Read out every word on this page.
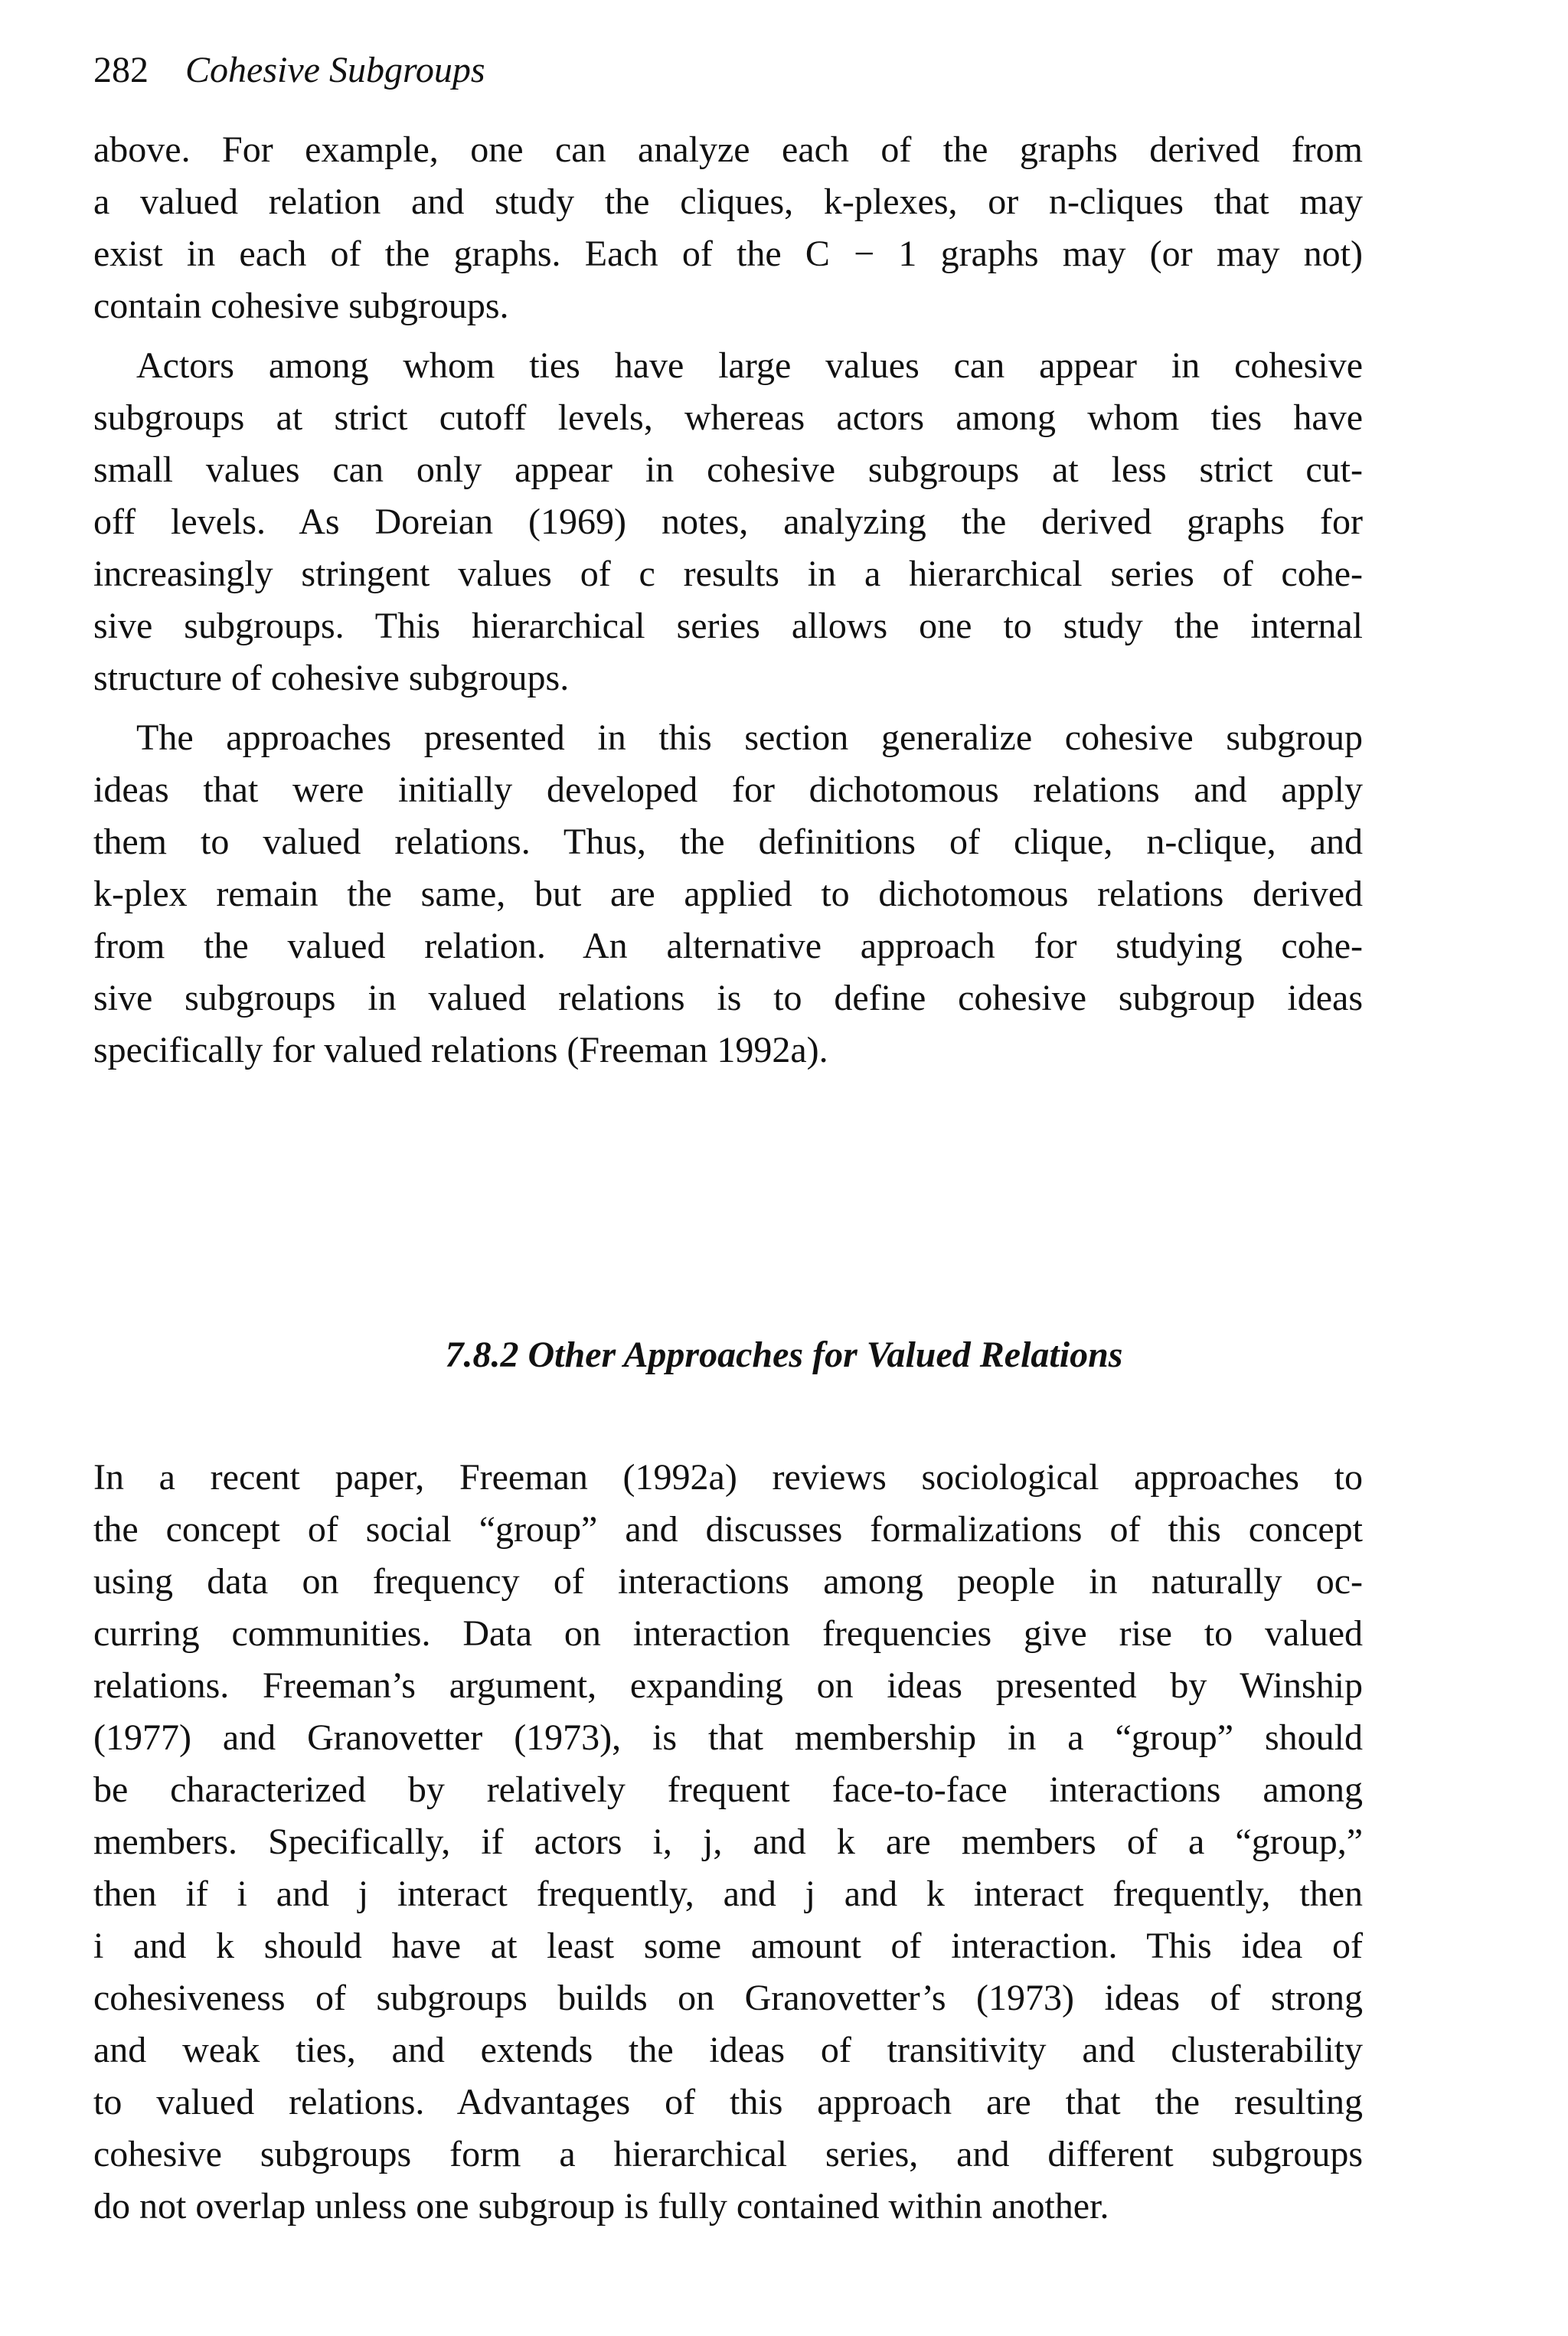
282 Cohesive Subgroups
above. For example, one can analyze each of the graphs derived from
a valued relation and study the cliques, k-plexes, or n-cliques that may
exist in each of the graphs. Each of the C − 1 graphs may (or may not)
contain cohesive subgroups.
Actors among whom ties have large values can appear in cohesive
subgroups at strict cutoff levels, whereas actors among whom ties have
small values can only appear in cohesive subgroups at less strict cut-
off levels. As Doreian (1969) notes, analyzing the derived graphs for
increasingly stringent values of c results in a hierarchical series of cohe-
sive subgroups. This hierarchical series allows one to study the internal
structure of cohesive subgroups.
The approaches presented in this section generalize cohesive subgroup
ideas that were initially developed for dichotomous relations and apply
them to valued relations. Thus, the definitions of clique, n-clique, and
k-plex remain the same, but are applied to dichotomous relations derived
from the valued relation. An alternative approach for studying cohe-
sive subgroups in valued relations is to define cohesive subgroup ideas
specifically for valued relations (Freeman 1992a).
7.8.2 Other Approaches for Valued Relations
In a recent paper, Freeman (1992a) reviews sociological approaches to
the concept of social “group” and discusses formalizations of this concept
using data on frequency of interactions among people in naturally oc-
curring communities. Data on interaction frequencies give rise to valued
relations. Freeman’s argument, expanding on ideas presented by Winship
(1977) and Granovetter (1973), is that membership in a “group” should
be characterized by relatively frequent face-to-face interactions among
members. Specifically, if actors i, j, and k are members of a “group,”
then if i and j interact frequently, and j and k interact frequently, then
i and k should have at least some amount of interaction. This idea of
cohesiveness of subgroups builds on Granovetter’s (1973) ideas of strong
and weak ties, and extends the ideas of transitivity and clusterability
to valued relations. Advantages of this approach are that the resulting
cohesive subgroups form a hierarchical series, and different subgroups
do not overlap unless one subgroup is fully contained within another.
